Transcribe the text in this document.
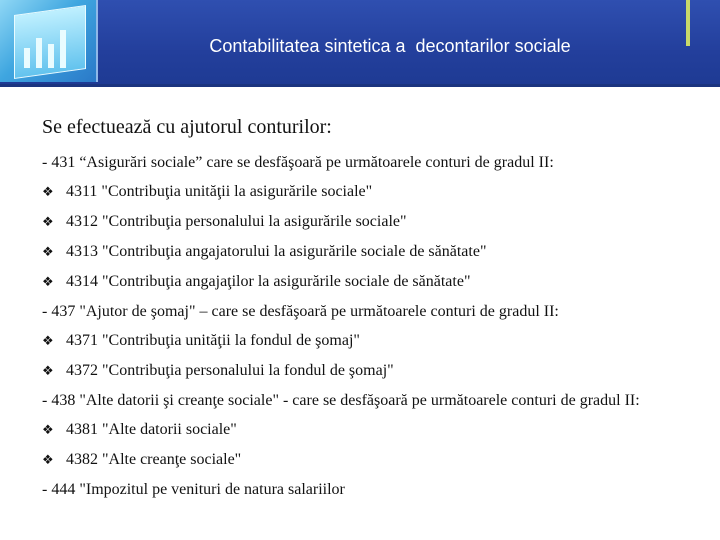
Contabilitatea sintetica a  decontarilor sociale
Se efectuează cu ajutorul conturilor:
- 431 “Asigurări sociale” care se desfăşoară pe următoarele conturi de gradul II:
❖ 4311 "Contribuţia unităţii la asigurările sociale"
❖ 4312 "Contribuţia personalului la asigurările sociale"
❖ 4313 "Contribuţia angajatorului la asigurările sociale de sănătate"
❖ 4314 "Contribuţia angajaţilor la asigurările sociale de sănătate"
- 437 "Ajutor de şomaj" – care se desfăşoară pe următoarele conturi de gradul II:
❖ 4371 "Contribuţia unităţii la fondul de şomaj"
❖ 4372 "Contribuţia personalului la fondul de şomaj"
- 438 "Alte datorii şi creanţe sociale" - care se desfăşoară pe următoarele conturi de gradul II:
❖ 4381 "Alte datorii sociale"
❖ 4382 "Alte creanţe sociale"
- 444 "Impozitul pe venituri de natura salariilor
